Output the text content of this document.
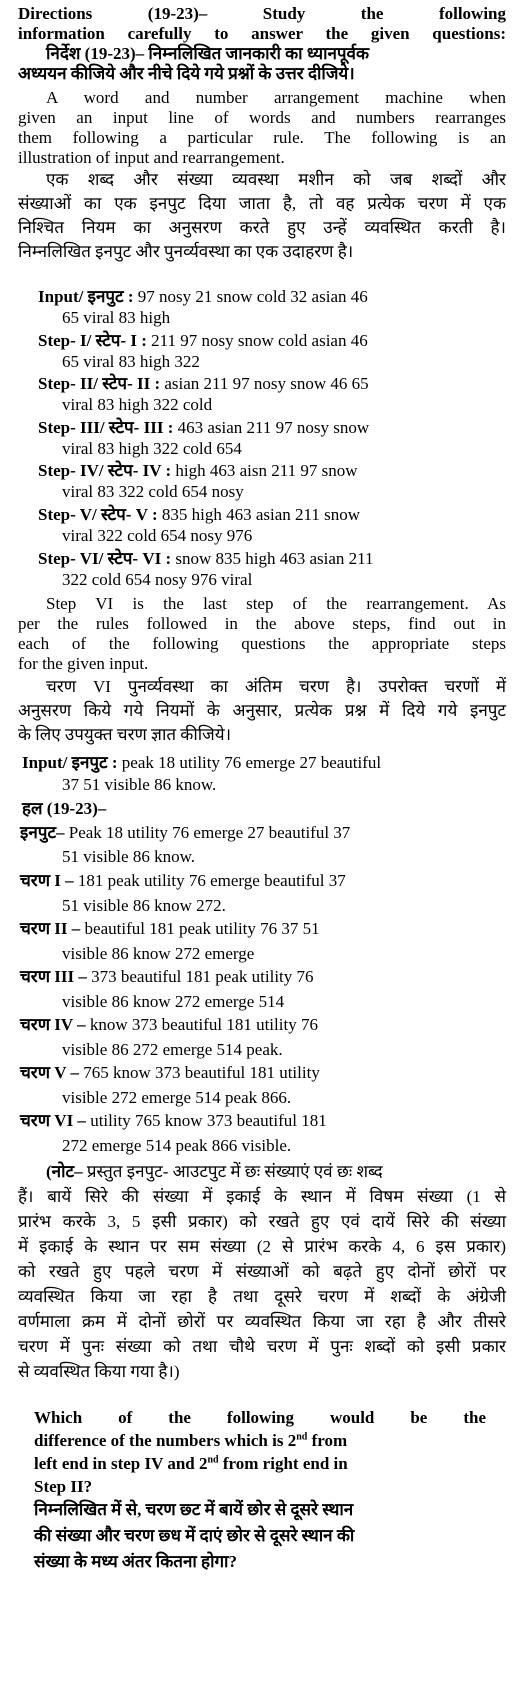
Directions (19-23)– Study the following
information carefully to answer the given questions:
निर्देश (19-23)– निम्नलिखित जानकारी का ध्यानपूर्वक
अध्ययन कीजिये और नीचे दिये गये प्रश्नों के उत्तर दीजिये।
A word and number arrangement machine when
given an input line of words and numbers rearranges
them following a particular rule. The following is an
illustration of input and rearrangement.
एक शब्द और संख्या व्यवस्था मशीन को जब शब्दों और
संख्याओं का एक इनपुट दिया जाता है, तो वह प्रत्येक चरण में एक
निश्चित नियम का अनुसरण करते हुए उन्हें व्यवस्थित करती है।
निम्नलिखित इनपुट और पुनर्व्यवस्था का एक उदाहरण है।
Input/ इनपुट : 97 nosy 21 snow cold 32 asian 46
65 viral 83 high
Step- I/ स्टेप- I : 211 97 nosy snow cold asian 46
65 viral 83 high 322
Step- II/ स्टेप- II : asian 211 97 nosy snow 46 65
viral 83 high 322 cold
Step- III/ स्टेप- III : 463 asian 211 97 nosy snow
viral 83 high 322 cold 654
Step- IV/ स्टेप- IV : high 463 aisn 211 97 snow
viral 83 322 cold 654 nosy
Step- V/ स्टेप- V : 835 high 463 asian 211 snow
viral 322 cold 654 nosy 976
Step- VI/ स्टेप- VI : snow 835 high 463 asian 211
322 cold 654 nosy 976 viral
Step VI is the last step of the rearrangement. As
per the rules followed in the above steps, find out in
each of the following questions the appropriate steps
for the given input.
चरण VI पुनर्व्यवस्था का अंतिम चरण है। उपरोक्त चरणों में
अनुसरण किये गये नियमों के अनुसार, प्रत्येक प्रश्न में दिये गये इनपुट
के लिए उपयुक्त चरण ज्ञात कीजिये।
Input/ इनपुट : peak 18 utility 76 emerge 27 beautiful
37 51 visible 86 know.
हल (19-23)–
इनपुट– Peak 18 utility 76 emerge 27 beautiful 37
51 visible 86 know.
चरण I – 181 peak utility 76 emerge beautiful 37
51 visible 86 know 272.
चरण II – beautiful 181 peak utility 76 37 51
visible 86 know 272 emerge
चरण III – 373 beautiful 181 peak utility 76
visible 86 know 272 emerge 514
चरण IV – know 373 beautiful 181 utility 76
visible 86 272 emerge 514 peak.
चरण V – 765 know 373 beautiful 181 utility
visible 272 emerge 514 peak 866.
चरण VI – utility 765 know 373 beautiful 181
272 emerge 514 peak 866 visible.
(नोट– प्रस्तुत इनपुट- आउटपुट में छः संख्याएं एवं छः शब्द
हैं। बायें सिरे की संख्या में इकाई के स्थान में विषम संख्या (1 से
प्रारंभ करके 3, 5 इसी प्रकार) को रखते हुए एवं दायें सिरे की संख्या
में इकाई के स्थान पर सम संख्या (2 से प्रारंभ करके 4, 6 इस प्रकार)
को रखते हुए पहले चरण में संख्याओं को बढ़ते हुए दोनों छोरों पर
व्यवस्थित किया जा रहा है तथा दूसरे चरण में शब्दों के अंग्रेजी
वर्णमाला क्रम में दोनों छोरों पर व्यवस्थित किया जा रहा है और तीसरे
चरण में पुनः संख्या को तथा चौथे चरण में पुनः शब्दों को इसी प्रकार
से व्यवस्थित किया गया है।)
Which of the following would be the
difference of the numbers which is 2nd from
left end in step IV and 2nd from right end in
Step II?
निम्नलिखित में से, चरण छ्ट में बायें छोर से दूसरे स्थान
की संख्या और चरण छ्ध में दाएं छोर से दूसरे स्थान की
संख्या के मध्य अंतर कितना होगा?
